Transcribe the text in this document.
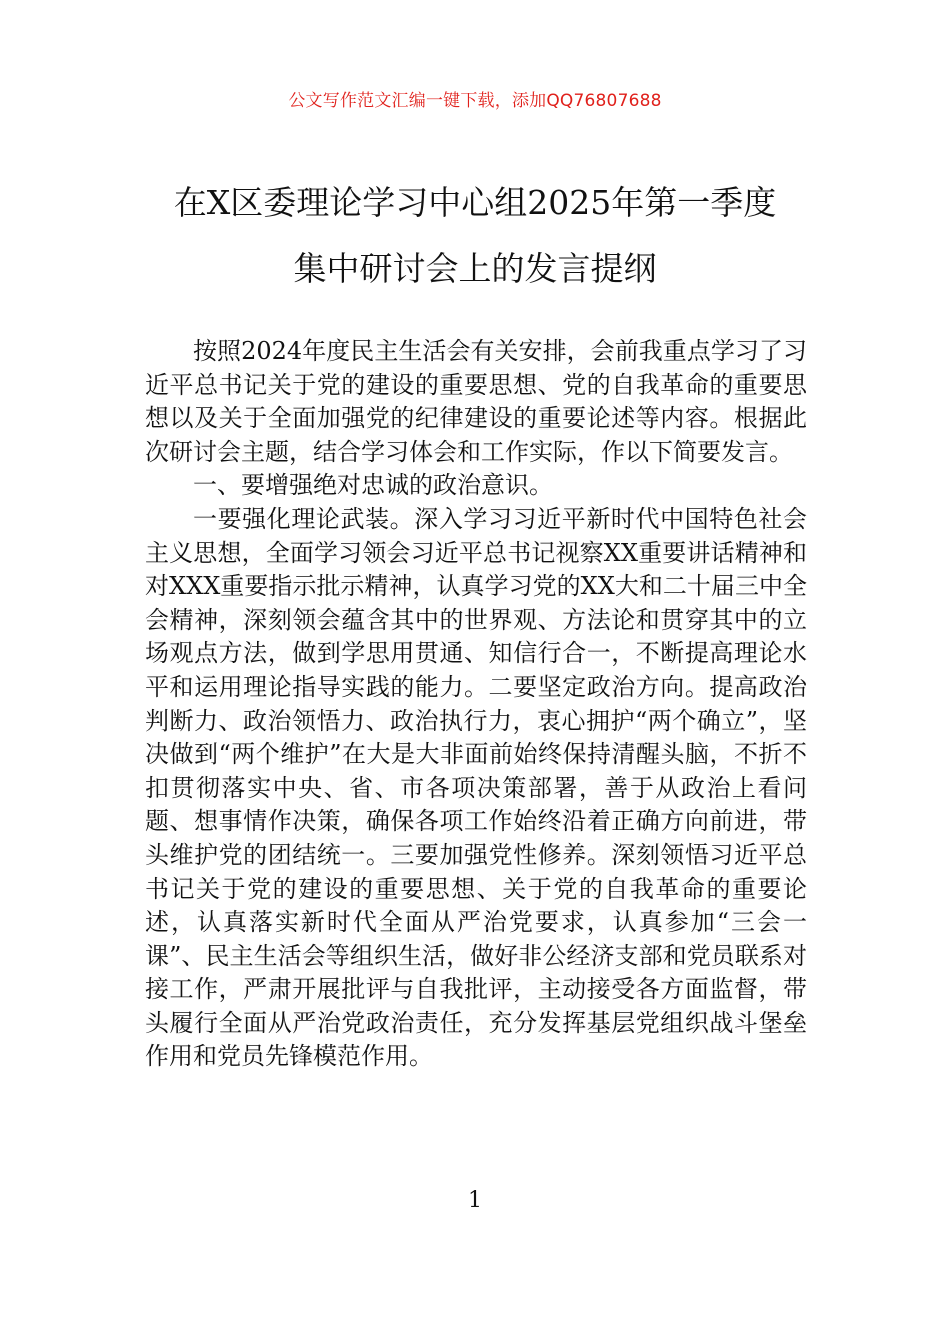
公文写作范文汇编一键下载，添加QQ76807688
在X区委理论学习中心组2025年第一季度
集中研讨会上的发言提纲

按照2024年度民主生活会有关安排，会前我重点学习了习近平总书记关于党的建设的重要思想、党的自我革命的重要思想以及关于全面加强党的纪律建设的重要论述等内容。根据此次研讨会主题，结合学习体会和工作实际，作以下简要发言。

一、要增强绝对忠诚的政治意识。

一要强化理论武装。深入学习习近平新时代中国特色社会主义思想，全面学习领会习近平总书记视察XX重要讲话精神和对XXX重要指示批示精神，认真学习党的XX大和二十届三中全会精神，深刻领会蕴含其中的世界观、方法论和贯穿其中的立场观点方法，做到学思用贯通、知信行合一，不断提高理论水平和运用理论指导实践的能力。二要坚定政治方向。提高政治判断力、政治领悟力、政治执行力，衷心拥护“两个确立”，坚决做到“两个维护”在大是大非面前始终保持清醒头脑，不折不扣贯彻落实中央、省、市各项决策部署，善于从政治上看问题、想事情作决策，确保各项工作始终沿着正确方向前进，带头维护党的团结统一。三要加强党性修养。深刻领悟习近平总书记关于党的建设的重要思想、关于党的自我革命的重要论述，认真落实新时代全面从严治党要求，认真参加“三会一课”、民主生活会等组织生活，做好非公经济支部和党员联系对接工作，严肃开展批评与自我批评，主动接受各方面监督，带头履行全面从严治党政治责任，充分发挥基层党组织战斗堡垒作用和党员先锋模范作用。

1
